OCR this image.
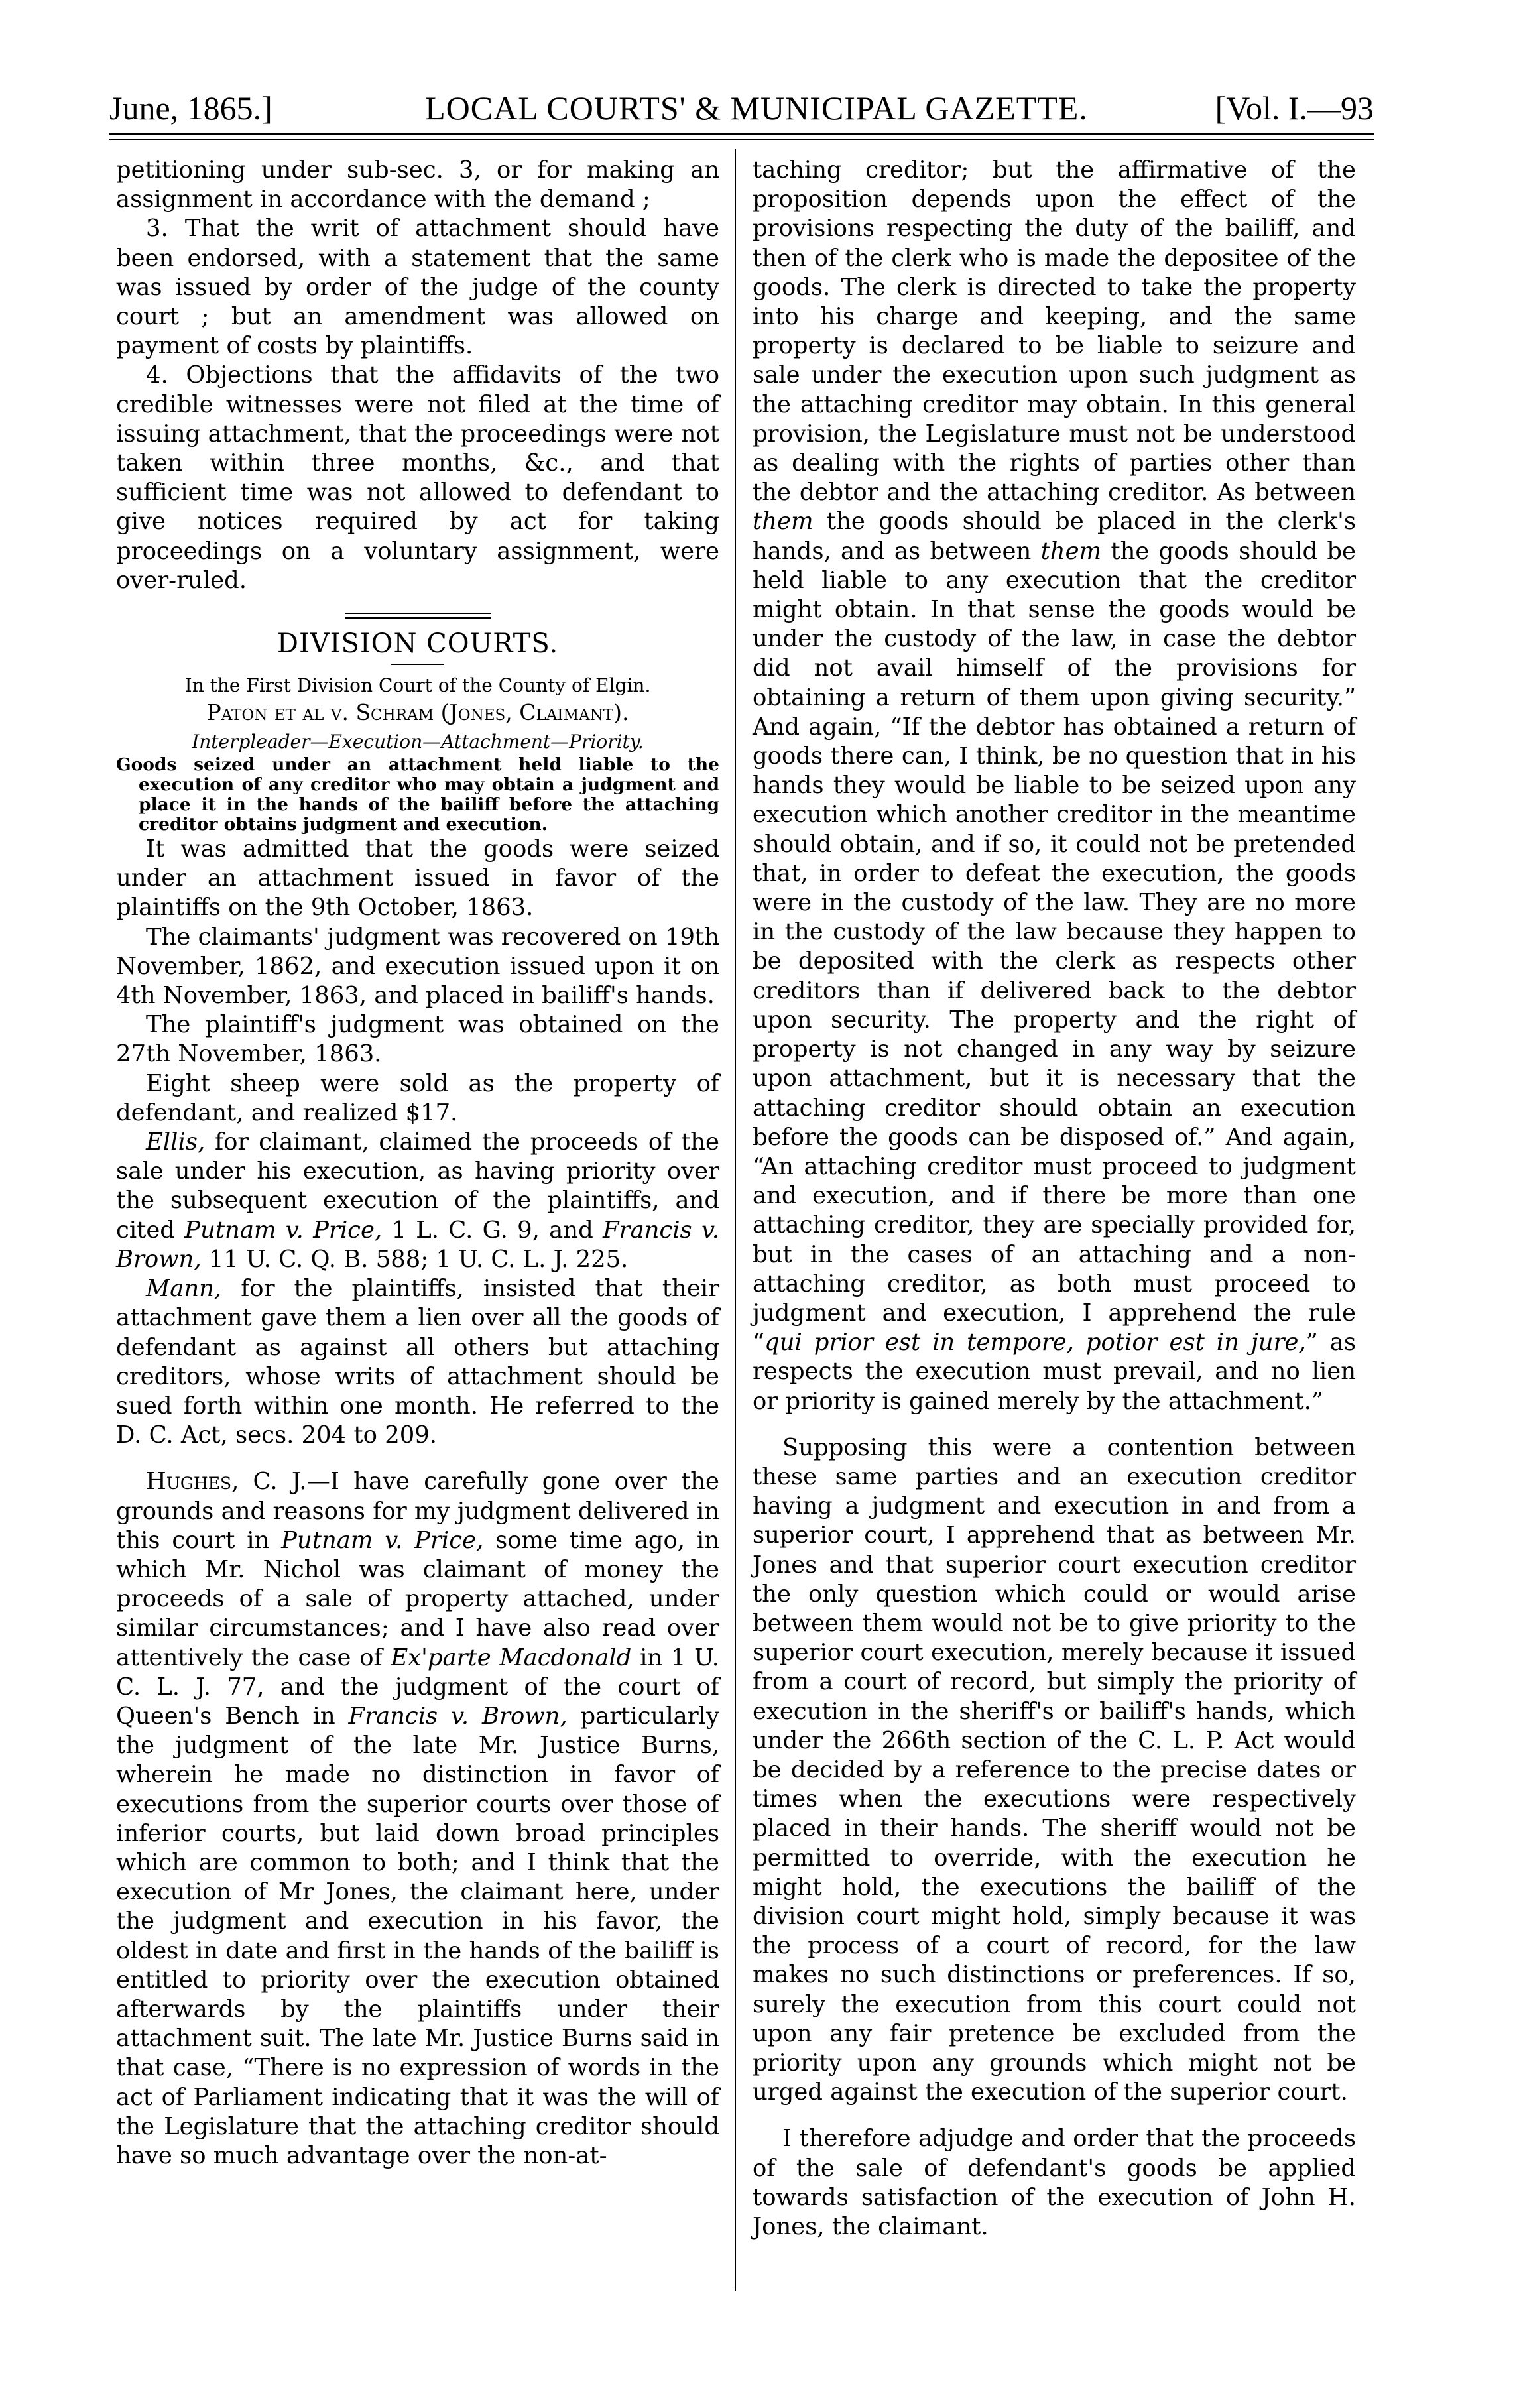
June, 1865.]	LOCAL COURTS' & MUNICIPAL GAZETTE.	[Vol. I.—93

petitioning under sub-sec. 3, or for making an assignment in accordance with the demand ;

3. That the writ of attachment should have been endorsed, with a statement that the same was issued by order of the judge of the county court ; but an amendment was allowed on payment of costs by plaintiffs.

4. Objections that the affidavits of the two credible witnesses were not filed at the time of issuing attachment, that the proceedings were not taken within three months, &c., and that sufficient time was not allowed to defendant to give notices required by act for taking proceedings on a voluntary assignment, were over-ruled.

DIVISION COURTS.

In the First Division Court of the County of Elgin.

Paton et al v. Schram (Jones, Claimant).

Interpleader—Execution—Attachment—Priority.

Goods seized under an attachment held liable to the execution of any creditor who may obtain a judgment and place it in the hands of the bailiff before the attaching creditor obtains judgment and execution.

It was admitted that the goods were seized under an attachment issued in favor of the plaintiffs on the 9th October, 1863.

The claimants' judgment was recovered on 19th November, 1862, and execution issued upon it on 4th November, 1863, and placed in bailiff's hands.

The plaintiff's judgment was obtained on the 27th November, 1863.

Eight sheep were sold as the property of defendant, and realized $17.

Ellis, for claimant, claimed the proceeds of the sale under his execution, as having priority over the subsequent execution of the plaintiffs, and cited Putnam v. Price, 1 L. C. G. 9, and Francis v. Brown, 11 U. C. Q. B. 588; 1 U. C. L. J. 225.

Mann, for the plaintiffs, insisted that their attachment gave them a lien over all the goods of defendant as against all others but attaching creditors, whose writs of attachment should be sued forth within one month. He referred to the D. C. Act, secs. 204 to 209.

Hughes, C. J.—I have carefully gone over the grounds and reasons for my judgment delivered in this court in Putnam v. Price, some time ago, in which Mr. Nichol was claimant of money the proceeds of a sale of property attached, under similar circumstances; and I have also read over attentively the case of Ex'parte Macdonald in 1 U. C. L. J. 77, and the judgment of the court of Queen's Bench in Francis v. Brown, particularly the judgment of the late Mr. Justice Burns, wherein he made no distinction in favor of executions from the superior courts over those of inferior courts, but laid down broad principles which are common to both; and I think that the execution of Mr Jones, the claimant here, under the judgment and execution in his favor, the oldest in date and first in the hands of the bailiff is entitled to priority over the execution obtained afterwards by the plaintiffs under their attachment suit. The late Mr. Justice Burns said in that case, “There is no expression of words in the act of Parliament indicating that it was the will of the Legislature that the attaching creditor should have so much advantage over the non-at-

taching creditor; but the affirmative of the proposition depends upon the effect of the provisions respecting the duty of the bailiff, and then of the clerk who is made the depositee of the goods. The clerk is directed to take the property into his charge and keeping, and the same property is declared to be liable to seizure and sale under the execution upon such judgment as the attaching creditor may obtain. In this general provision, the Legislature must not be understood as dealing with the rights of parties other than the debtor and the attaching creditor. As between them the goods should be placed in the clerk's hands, and as between them the goods should be held liable to any execution that the creditor might obtain. In that sense the goods would be under the custody of the law, in case the debtor did not avail himself of the provisions for obtaining a return of them upon giving security.” And again, “If the debtor has obtained a return of goods there can, I think, be no question that in his hands they would be liable to be seized upon any execution which another creditor in the meantime should obtain, and if so, it could not be pretended that, in order to defeat the execution, the goods were in the custody of the law. They are no more in the custody of the law because they happen to be deposited with the clerk as respects other creditors than if delivered back to the debtor upon security. The property and the right of property is not changed in any way by seizure upon attachment, but it is necessary that the attaching creditor should obtain an execution before the goods can be disposed of.” And again, “An attaching creditor must proceed to judgment and execution, and if there be more than one attaching creditor, they are specially provided for, but in the cases of an attaching and a non-attaching creditor, as both must proceed to judgment and execution, I apprehend the rule “qui prior est in tempore, potior est in jure,” as respects the execution must prevail, and no lien or priority is gained merely by the attachment.”

Supposing this were a contention between these same parties and an execution creditor having a judgment and execution in and from a superior court, I apprehend that as between Mr. Jones and that superior court execution creditor the only question which could or would arise between them would not be to give priority to the superior court execution, merely because it issued from a court of record, but simply the priority of execution in the sheriff's or bailiff's hands, which under the 266th section of the C. L. P. Act would be decided by a reference to the precise dates or times when the executions were respectively placed in their hands. The sheriff would not be permitted to override, with the execution he might hold, the executions the bailiff of the division court might hold, simply because it was the process of a court of record, for the law makes no such distinctions or preferences. If so, surely the execution from this court could not upon any fair pretence be excluded from the priority upon any grounds which might not be urged against the execution of the superior court.

I therefore adjudge and order that the proceeds of the sale of defendant's goods be applied towards satisfaction of the execution of John H. Jones, the claimant.
